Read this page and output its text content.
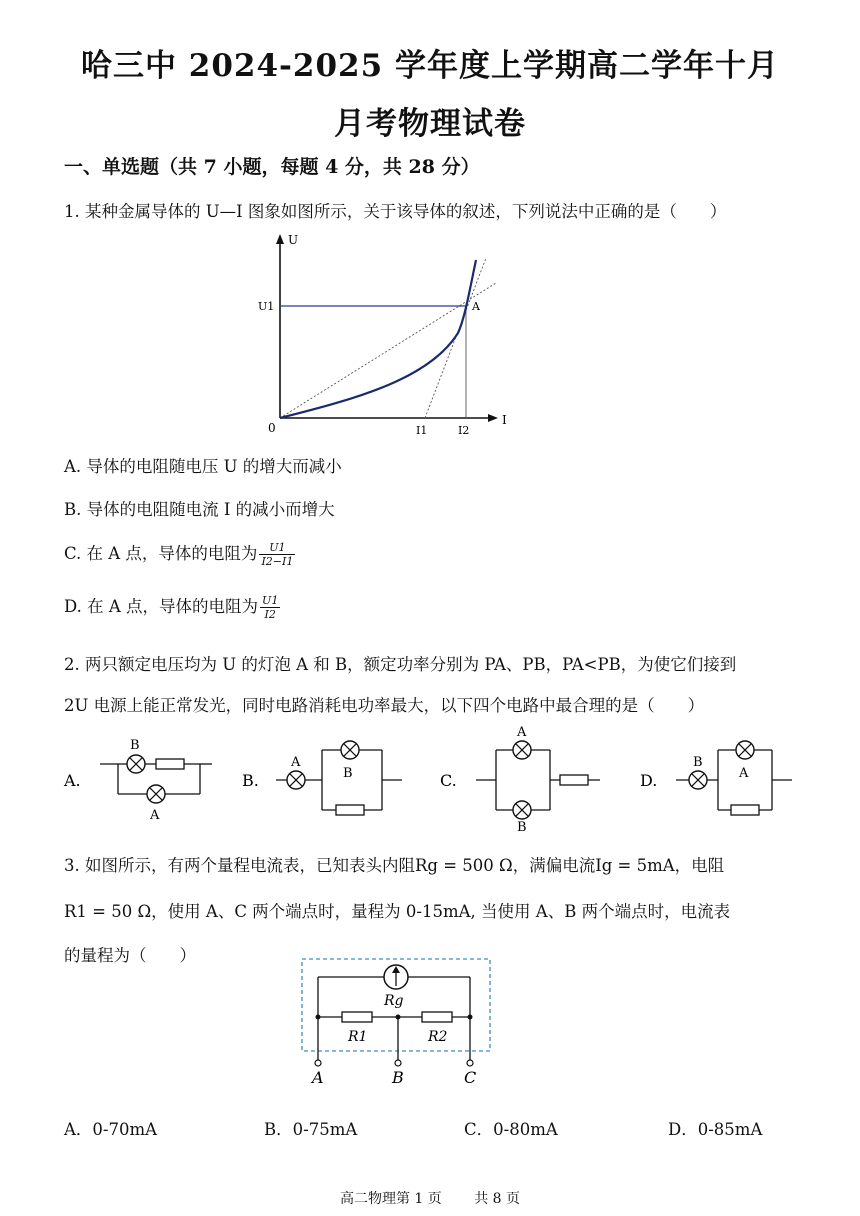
哈三中 2024-2025 学年度上学期高二学年十月
月考物理试卷
一、单选题（共 7 小题，每题 4 分，共 28 分）
1. 某种金属导体的 U—I 图象如图所示，关于该导体的叙述，下列说法中正确的是（　　）
U
I
0
U1	A
I1	I2
A. 导体的电阻随电压 U 的增大而减小
B. 导体的电阻随电流 I 的减小而增大
C. 在 A 点，导体的电阻为 $\frac{U1}{I2-I1}$
D. 在 A 点，导体的电阻为 $\frac{U1}{I2}$
2. 两只额定电压均为 U 的灯泡 A 和 B，额定功率分别为 PA、PB，PA<PB，为使它们接到
2U 电源上能正常发光，同时电路消耗电功率最大，以下四个电路中最合理的是（　　）
A.
B
A
B.
A
B	C.
A
B
D.
B
A
3. 如图所示，有两个量程电流表，已知表头内阻Rg = 500 Ω，满偏电流Ig = 5mA，电阻
R1 = 50 Ω，使用 A、C 两个端点时，量程为 0-15mA, 当使用 A、B 两个端点时，电流表
的量程为（　　）
Rg
R1	R2
A	B	C
A．0-70mA	B．0-75mA	C．0-80mA	D．0-85mA
高二物理第 1 页 共 8 页
